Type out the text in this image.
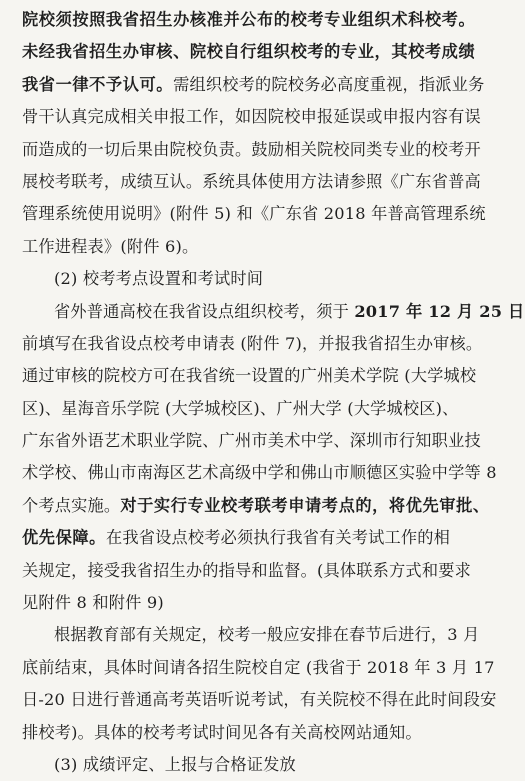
院校须按照我省招生办核准并公布的校考专业组织术科校考。
未经我省招生办审核、院校自行组织校考的专业，其校考成绩
我省一律不予认可。需组织校考的院校务必高度重视，指派业务
骨干认真完成相关申报工作，如因院校申报延误或申报内容有误
而造成的一切后果由院校负责。鼓励相关院校同类专业的校考开
展校考联考，成绩互认。系统具体使用方法请参照《广东省普高
管理系统使用说明》(附件 5) 和《广东省 2018 年普高管理系统
工作进程表》(附件 6)。
(2) 校考考点设置和考试时间
省外普通高校在我省设点组织校考，须于 2017 年 12 月 25 日
前填写在我省设点校考申请表 (附件 7)，并报我省招生办审核。
通过审核的院校方可在我省统一设置的广州美术学院 (大学城校
区)、星海音乐学院 (大学城校区)、广州大学 (大学城校区)、
广东省外语艺术职业学院、广州市美术中学、深圳市行知职业技
术学校、佛山市南海区艺术高级中学和佛山市顺德区实验中学等 8
个考点实施。对于实行专业校考联考申请考点的，将优先审批、
优先保障。在我省设点校考必须执行我省有关考试工作的相
关规定，接受我省招生办的指导和监督。(具体联系方式和要求
见附件 8 和附件 9)
根据教育部有关规定，校考一般应安排在春节后进行，3 月
底前结束，具体时间请各招生院校自定 (我省于 2018 年 3 月 17
日-20 日进行普通高考英语听说考试，有关院校不得在此时间段安
排校考)。具体的校考考试时间见各有关高校网站通知。
(3) 成绩评定、上报与合格证发放
